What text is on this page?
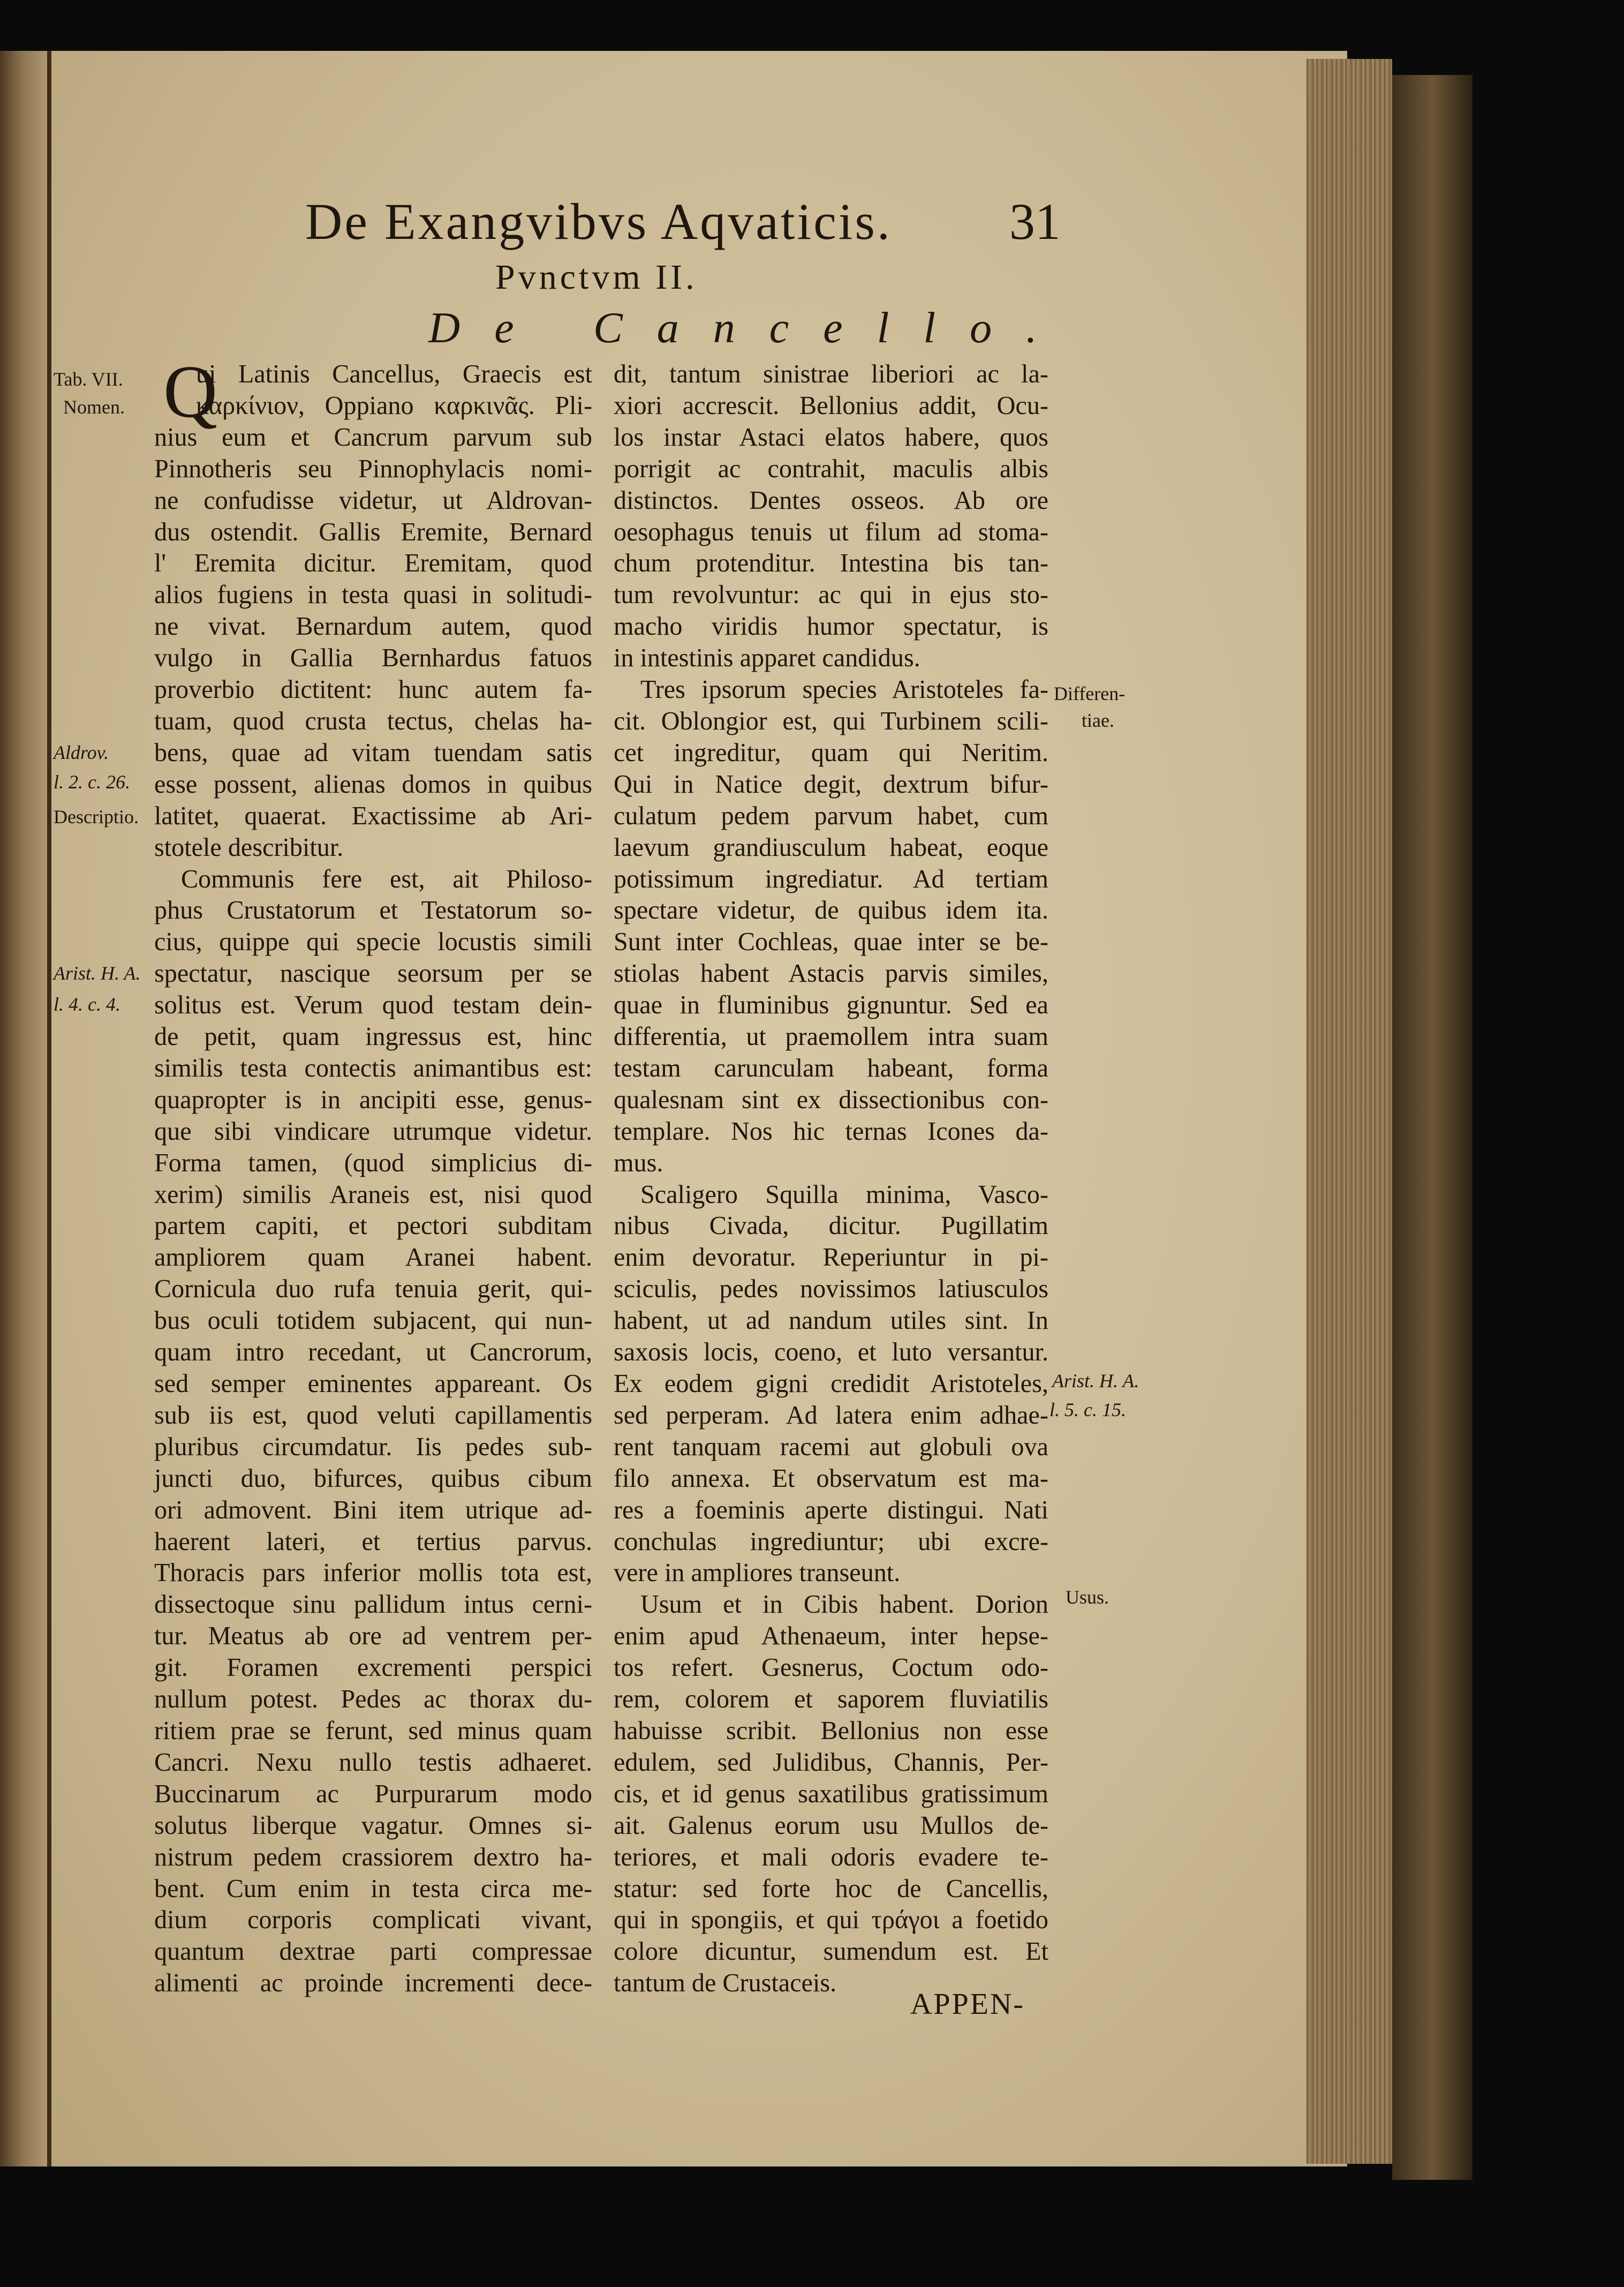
De Exangvibvs Aqvaticis. 31
Pvnctvm II.
De Cancello.
Q
Tab. VII.
Nomen.
Aldrov.
l. 2. c. 26.
Descriptio.
Arist. H. A.
l. 4. c. 4.
Differen-
tiae.
Arist. H. A.
l. 5. c. 15.
Usus.
ui Latinis Cancellus, Graecis est
καρκίνιον, Oppiano καρκινᾶς. Pli-
nius eum et Cancrum parvum sub
Pinnotheris seu Pinnophylacis nomi-
ne confudisse videtur, ut Aldrovan-
dus ostendit. Gallis Eremite, Bernard
l' Eremita dicitur. Eremitam, quod
alios fugiens in testa quasi in solitudi-
ne vivat. Bernardum autem, quod
vulgo in Gallia Bernhardus fatuos
proverbio dictitent: hunc autem fa-
tuam, quod crusta tectus, chelas ha-
bens, quae ad vitam tuendam satis
esse possent, alienas domos in quibus
latitet, quaerat. Exactissime ab Ari-
stotele describitur.
Communis fere est, ait Philoso-
phus Crustatorum et Testatorum so-
cius, quippe qui specie locustis simili
spectatur, nascique seorsum per se
solitus est. Verum quod testam dein-
de petit, quam ingressus est, hinc
similis testa contectis animantibus est:
quapropter is in ancipiti esse, genus-
que sibi vindicare utrumque videtur.
Forma tamen, (quod simplicius di-
xerim) similis Araneis est, nisi quod
partem capiti, et pectori subditam
ampliorem quam Aranei habent.
Cornicula duo rufa tenuia gerit, qui-
bus oculi totidem subjacent, qui nun-
quam intro recedant, ut Cancrorum,
sed semper eminentes appareant. Os
sub iis est, quod veluti capillamentis
pluribus circumdatur. Iis pedes sub-
juncti duo, bifurces, quibus cibum
ori admovent. Bini item utrique ad-
haerent lateri, et tertius parvus.
Thoracis pars inferior mollis tota est,
dissectoque sinu pallidum intus cerni-
tur. Meatus ab ore ad ventrem per-
git. Foramen excrementi perspici
nullum potest. Pedes ac thorax du-
ritiem prae se ferunt, sed minus quam
Cancri. Nexu nullo testis adhaeret.
Buccinarum ac Purpurarum modo
solutus liberque vagatur. Omnes si-
nistrum pedem crassiorem dextro ha-
bent. Cum enim in testa circa me-
dium corporis complicati vivant,
quantum dextrae parti compressae
alimenti ac proinde incrementi dece-
dit, tantum sinistrae liberiori ac la-
xiori accrescit. Bellonius addit, Ocu-
los instar Astaci elatos habere, quos
porrigit ac contrahit, maculis albis
distinctos. Dentes osseos. Ab ore
oesophagus tenuis ut filum ad stoma-
chum protenditur. Intestina bis tan-
tum revolvuntur: ac qui in ejus sto-
macho viridis humor spectatur, is
in intestinis apparet candidus.
Tres ipsorum species Aristoteles fa-
cit. Oblongior est, qui Turbinem scili-
cet ingreditur, quam qui Neritim.
Qui in Natice degit, dextrum bifur-
culatum pedem parvum habet, cum
laevum grandiusculum habeat, eoque
potissimum ingrediatur. Ad tertiam
spectare videtur, de quibus idem ita.
Sunt inter Cochleas, quae inter se be-
stiolas habent Astacis parvis similes,
quae in fluminibus gignuntur. Sed ea
differentia, ut praemollem intra suam
testam carunculam habeant, forma
qualesnam sint ex dissectionibus con-
templare. Nos hic ternas Icones da-
mus.
Scaligero Squilla minima, Vasco-
nibus Civada, dicitur. Pugillatim
enim devoratur. Reperiuntur in pi-
sciculis, pedes novissimos latiusculos
habent, ut ad nandum utiles sint. In
saxosis locis, coeno, et luto versantur.
Ex eodem gigni credidit Aristoteles,
sed perperam. Ad latera enim adhae-
rent tanquam racemi aut globuli ova
filo annexa. Et observatum est ma-
res a foeminis aperte distingui. Nati
conchulas ingrediuntur; ubi excre-
vere in ampliores transeunt.
Usum et in Cibis habent. Dorion
enim apud Athenaeum, inter hepse-
tos refert. Gesnerus, Coctum odo-
rem, colorem et saporem fluviatilis
habuisse scribit. Bellonius non esse
edulem, sed Julidibus, Channis, Per-
cis, et id genus saxatilibus gratissimum
ait. Galenus eorum usu Mullos de-
teriores, et mali odoris evadere te-
statur: sed forte hoc de Cancellis,
qui in spongiis, et qui τράγοι a foetido
colore dicuntur, sumendum est. Et
tantum de Crustaceis.
APPEN-
